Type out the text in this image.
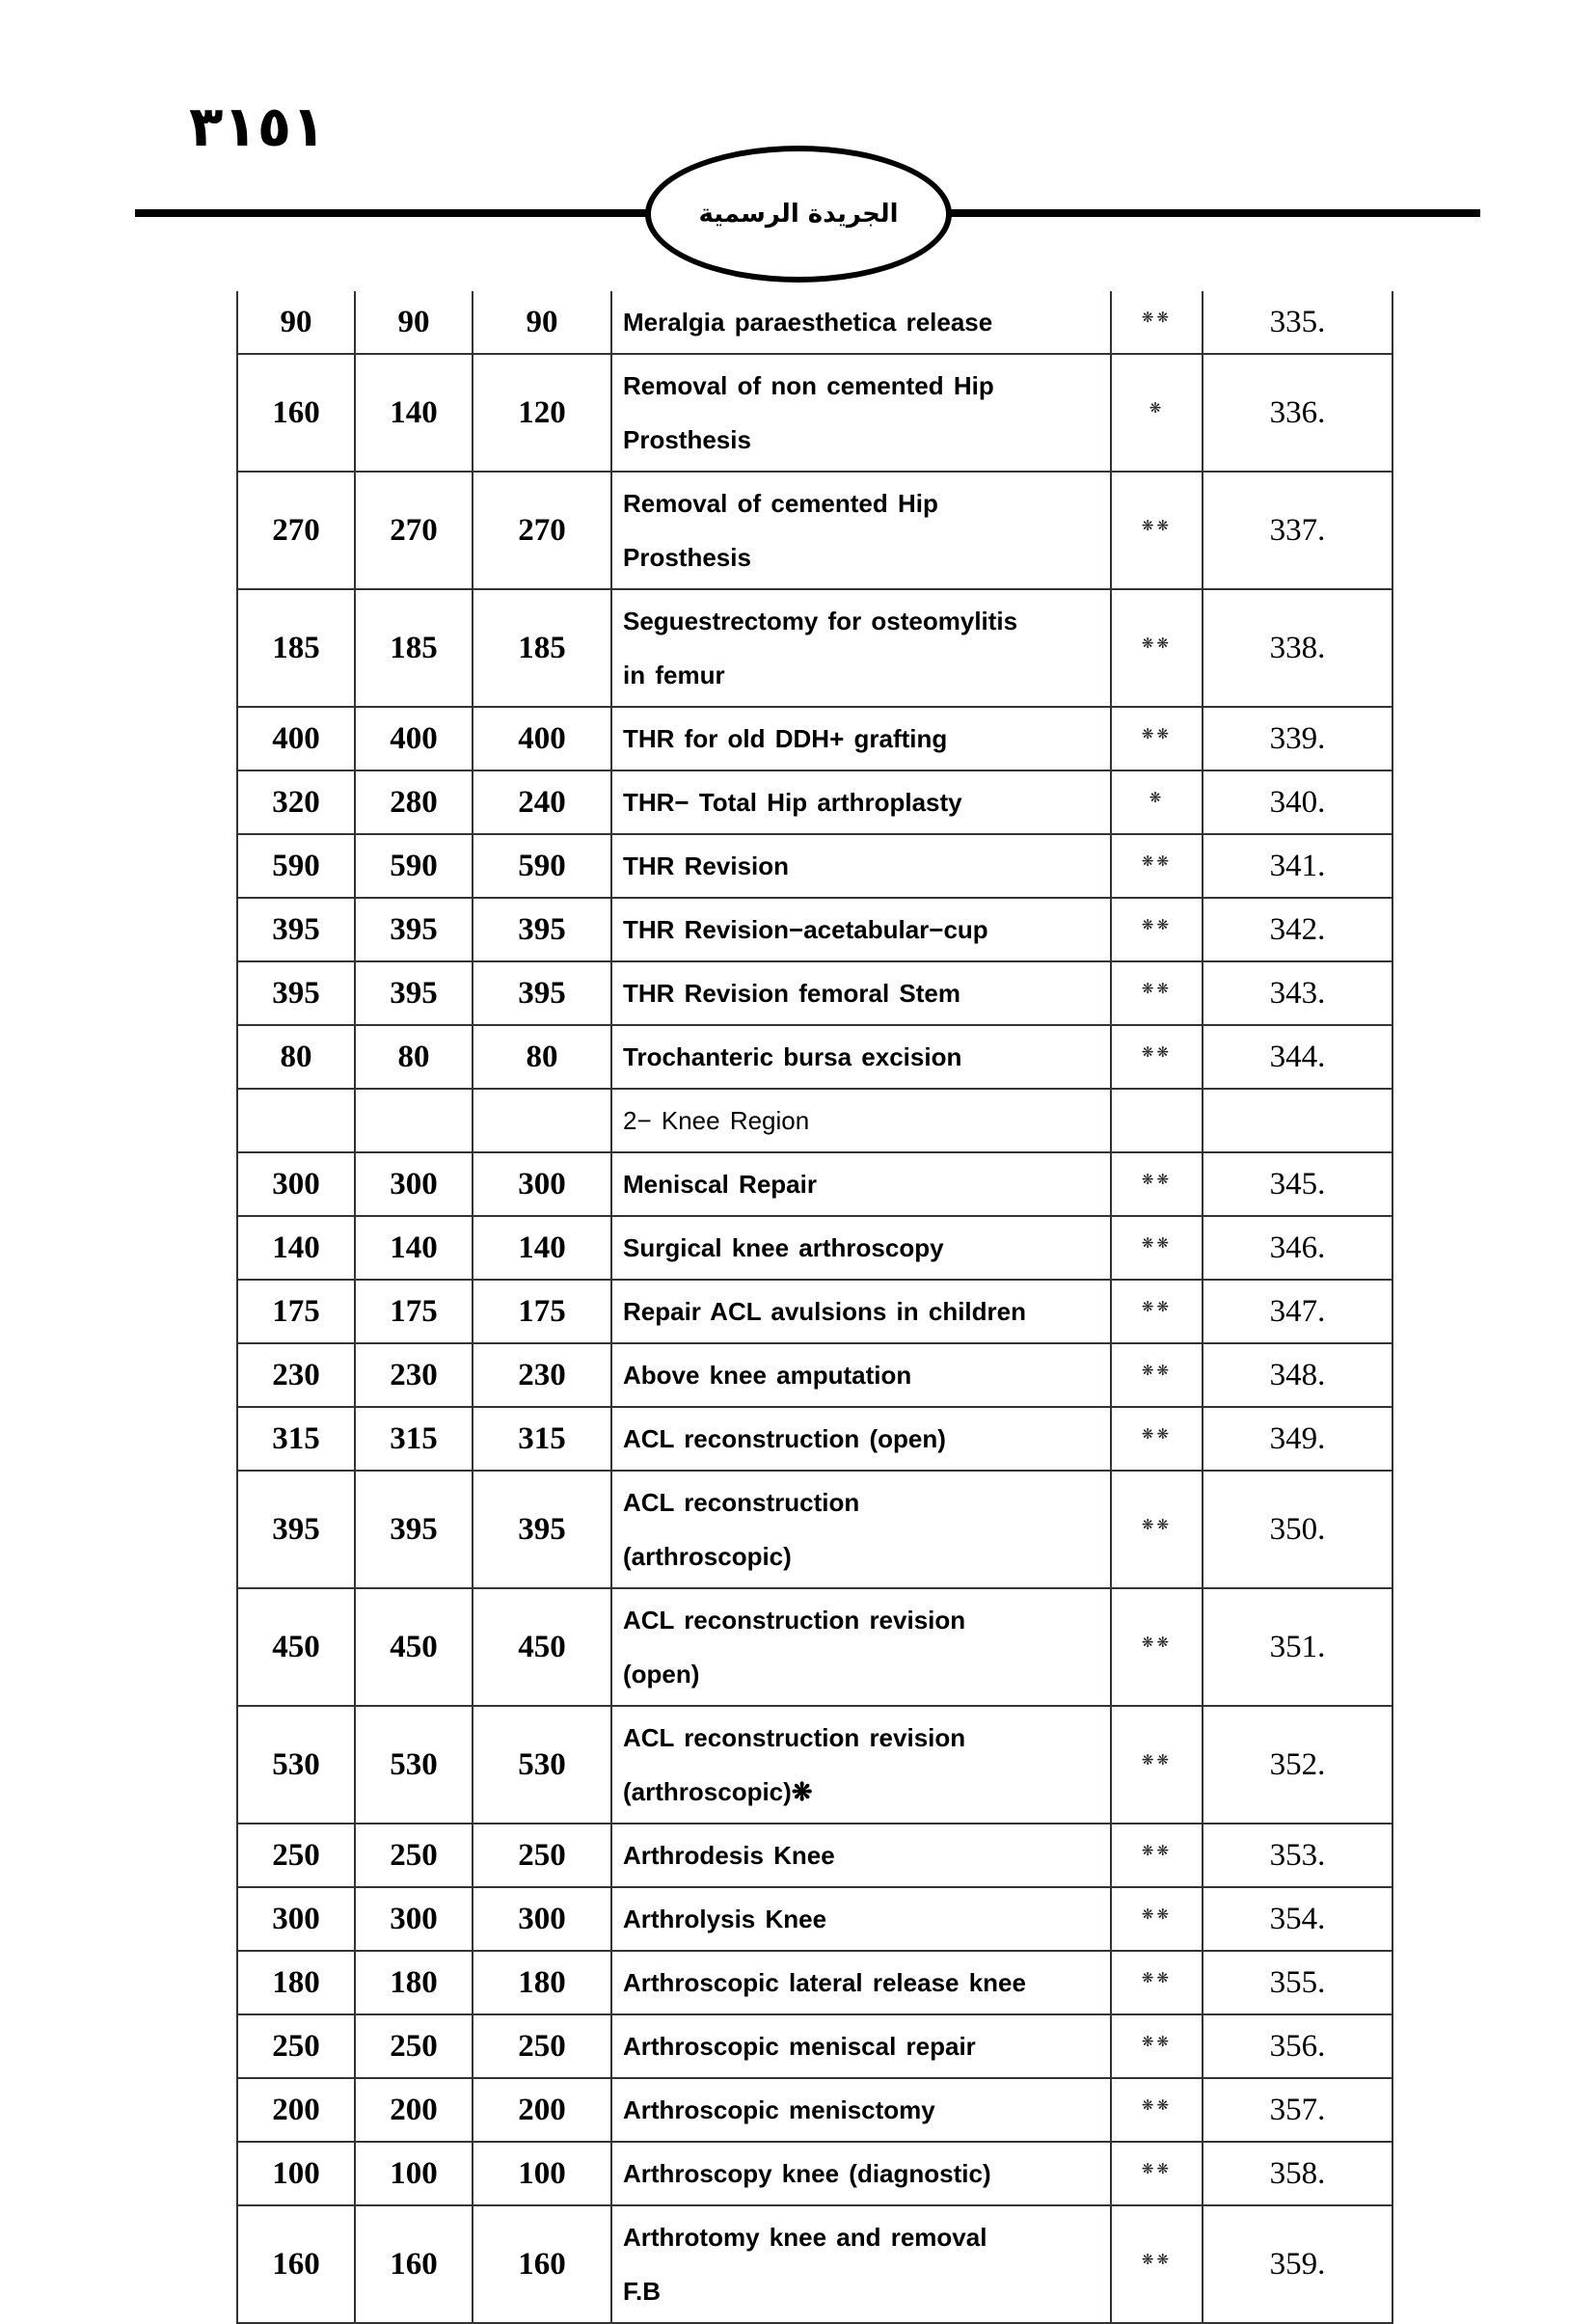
٣١٥١
الجريدة الرسمية
90	90	90	Meralgia paraesthetica release	❋❋	335.
160	140	120	Removal of non cemented Hip
Prosthesis	❋	336.
270	270	270	Removal of cemented Hip
Prosthesis	❋❋	337.
185	185	185	Seguestrectomy for osteomylitis
in femur	❋❋	338.
400	400	400	THR for old DDH+ grafting	❋❋	339.
320	280	240	THR− Total Hip arthroplasty	❋	340.
590	590	590	THR Revision	❋❋	341.
395	395	395	THR Revision−acetabular−cup	❋❋	342.
395	395	395	THR Revision femoral Stem	❋❋	343.
80	80	80	Trochanteric bursa excision	❋❋	344.

			2− Knee Region		

300	300	300	Meniscal Repair	❋❋	345.
140	140	140	Surgical knee arthroscopy	❋❋	346.
175	175	175	Repair ACL avulsions in children	❋❋	347.
230	230	230	Above knee amputation	❋❋	348.
315	315	315	ACL reconstruction (open)	❋❋	349.
395	395	395	ACL reconstruction
(arthroscopic)	❋❋	350.
450	450	450	ACL reconstruction revision
(open)	❋❋	351.
530	530	530	ACL reconstruction revision
(arthroscopic)❋	❋❋	352.
250	250	250	Arthrodesis Knee	❋❋	353.
300	300	300	Arthrolysis Knee	❋❋	354.
180	180	180	Arthroscopic lateral release knee	❋❋	355.
250	250	250	Arthroscopic meniscal repair	❋❋	356.
200	200	200	Arthroscopic menisctomy	❋❋	357.
100	100	100	Arthroscopy knee (diagnostic)	❋❋	358.
160	160	160	Arthrotomy knee and removal
F.B	❋❋	359.
